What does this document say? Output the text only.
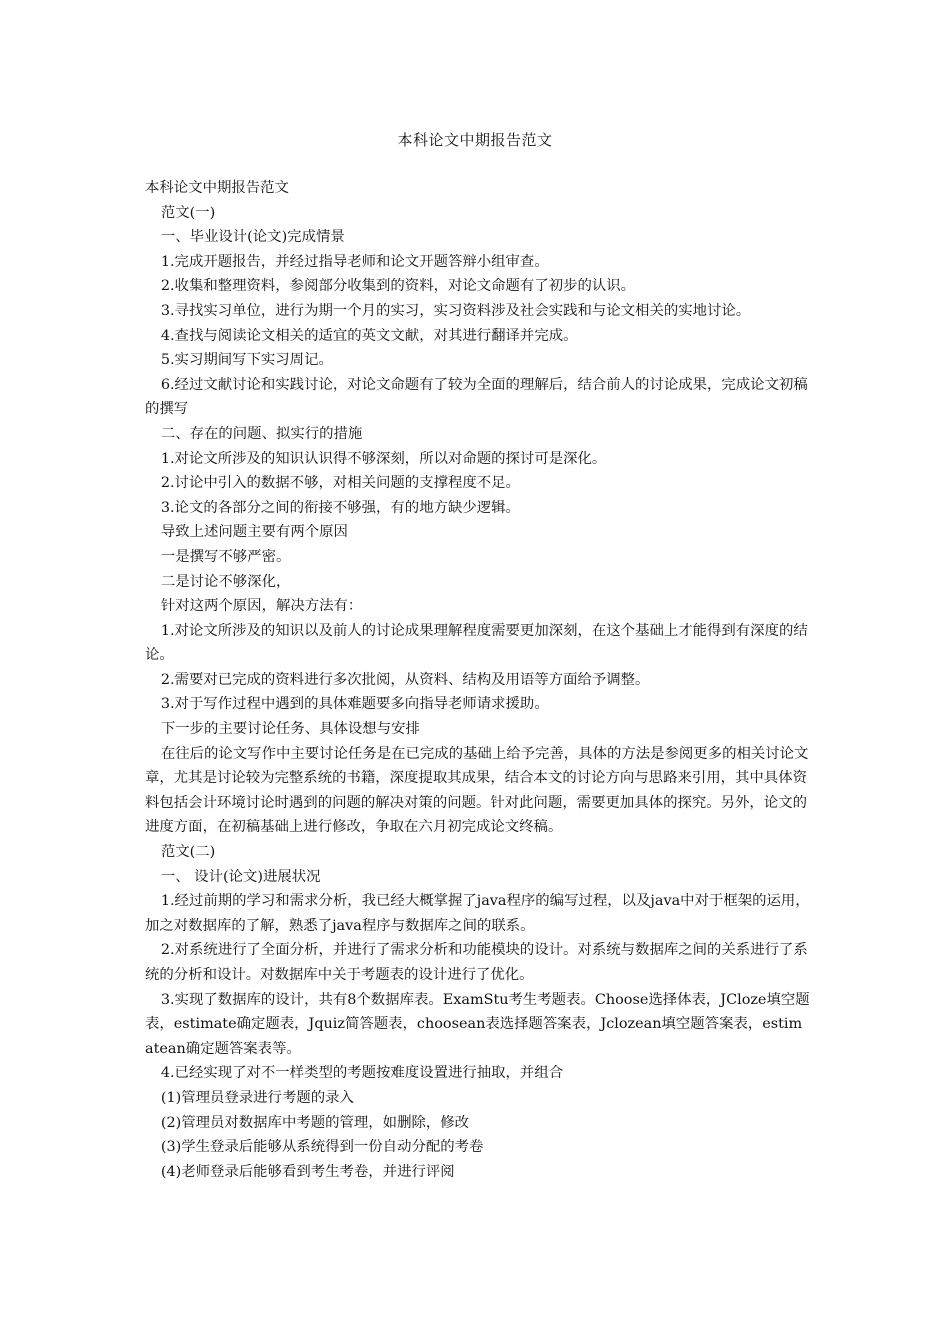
本科论文中期报告范文

本科论文中期报告范文

范文(一)

一、毕业设计(论文)完成情景

1.完成开题报告，并经过指导老师和论文开题答辩小组审查。

2.收集和整理资料，参阅部分收集到的资料，对论文命题有了初步的认识。

3.寻找实习单位，进行为期一个月的实习，实习资料涉及社会实践和与论文相关的实地讨论。

4.查找与阅读论文相关的适宜的英文文献，对其进行翻译并完成。

5.实习期间写下实习周记。

6.经过文献讨论和实践讨论，对论文命题有了较为全面的理解后，结合前人的讨论成果，完成论文初稿的撰写

二、存在的问题、拟实行的措施

1.对论文所涉及的知识认识得不够深刻，所以对命题的探讨可是深化。

2.讨论中引入的数据不够，对相关问题的支撑程度不足。

3.论文的各部分之间的衔接不够强，有的地方缺少逻辑。

导致上述问题主要有两个原因

一是撰写不够严密。

二是讨论不够深化，

针对这两个原因，解决方法有：

1.对论文所涉及的知识以及前人的讨论成果理解程度需要更加深刻，在这个基础上才能得到有深度的结论。

2.需要对已完成的资料进行多次批阅，从资料、结构及用语等方面给予调整。

3.对于写作过程中遇到的具体难题要多向指导老师请求援助。

下一步的主要讨论任务、具体设想与安排

在往后的论文写作中主要讨论任务是在已完成的基础上给予完善，具体的方法是参阅更多的相关讨论文章，尤其是讨论较为完整系统的书籍，深度提取其成果，结合本文的讨论方向与思路来引用，其中具体资料包括会计环境讨论时遇到的问题的解决对策的问题。针对此问题，需要更加具体的探究。另外，论文的进度方面，在初稿基础上进行修改，争取在六月初完成论文终稿。

范文(二)

一、 设计(论文)进展状况

1.经过前期的学习和需求分析，我已经大概掌握了java程序的编写过程，以及java中对于框架的运用，加之对数据库的了解，熟悉了java程序与数据库之间的联系。

2.对系统进行了全面分析，并进行了需求分析和功能模块的设计。对系统与数据库之间的关系进行了系统的分析和设计。对数据库中关于考题表的设计进行了优化。

3.实现了数据库的设计，共有8个数据库表。ExamStu考生考题表。Choose选择体表，JCloze填空题表，estimate确定题表，Jquiz简答题表，choosean表选择题答案表，Jclozean填空题答案表，estimatean确定题答案表等。

4.已经实现了对不一样类型的考题按难度设置进行抽取，并组合

(1)管理员登录进行考题的录入

(2)管理员对数据库中考题的管理，如删除，修改

(3)学生登录后能够从系统得到一份自动分配的考卷

(4)老师登录后能够看到考生考卷，并进行评阅
